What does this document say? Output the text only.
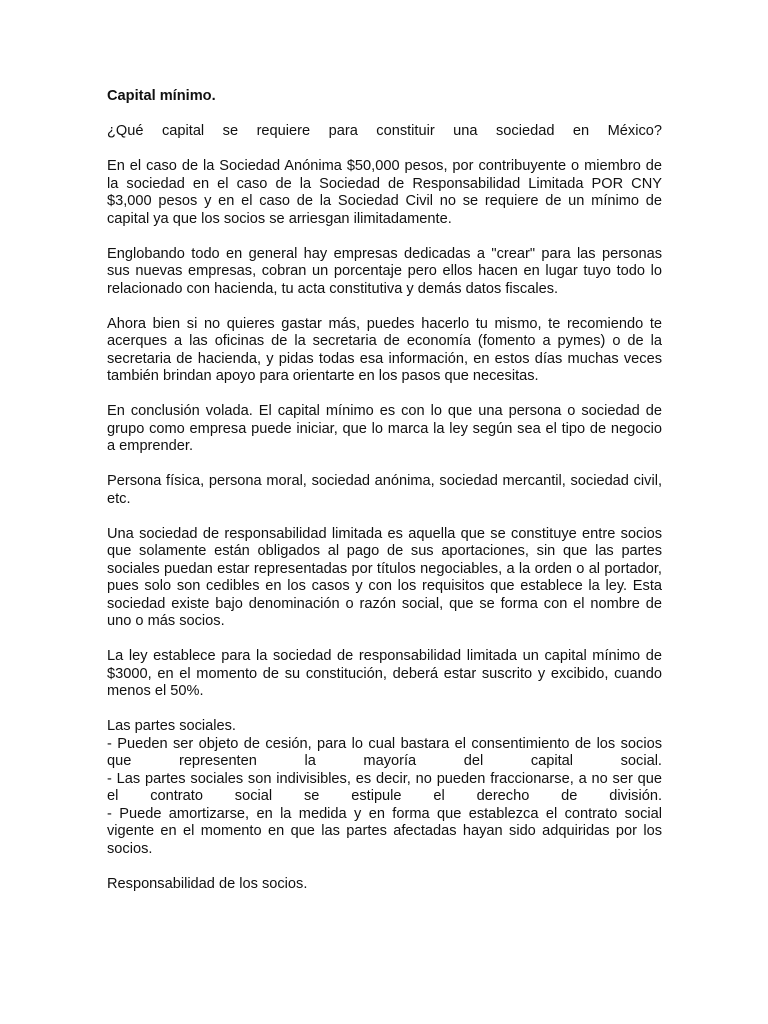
Capital mínimo.

¿Qué capital se requiere para constituir una sociedad en México?

En el caso de la Sociedad Anónima $50,000 pesos, por contribuyente o miembro de la sociedad en el caso de la Sociedad de Responsabilidad Limitada POR CNY $3,000 pesos y en el caso de la Sociedad Civil no se requiere de un mínimo de capital ya que los socios se arriesgan ilimitadamente.

Englobando todo en general hay empresas dedicadas a "crear" para las personas sus nuevas empresas, cobran un porcentaje pero ellos hacen en lugar tuyo todo lo relacionado con hacienda, tu acta constitutiva y demás datos fiscales.

Ahora bien si no quieres gastar más, puedes hacerlo tu mismo, te recomiendo te acerques a las oficinas de la secretaria de economía (fomento a pymes) o de la secretaria de hacienda, y pidas todas esa información, en estos días muchas veces también brindan apoyo para orientarte en los pasos que necesitas.

En conclusión volada. El capital mínimo es con lo que una persona o sociedad de grupo como empresa puede iniciar, que lo marca la ley según sea el tipo de negocio a emprender.

Persona física, persona moral, sociedad anónima, sociedad mercantil, sociedad civil, etc.

Una sociedad de responsabilidad limitada es aquella que se constituye entre socios que solamente están obligados al pago de sus aportaciones, sin que las partes sociales puedan estar representadas por títulos negociables, a la orden o al portador, pues solo son cedibles en los casos y con los requisitos que establece la ley. Esta sociedad existe bajo denominación o razón social, que se forma con el nombre de uno o más socios.

La ley establece para la sociedad de responsabilidad limitada un capital mínimo de $3000, en el momento de su constitución, deberá estar suscrito y excibido, cuando menos el 50%.

Las partes sociales.
- Pueden ser objeto de cesión, para lo cual bastara el consentimiento de los socios que representen la mayoría del capital social.
- Las partes sociales son indivisibles, es decir, no pueden fraccionarse, a no ser que el contrato social se estipule el derecho de división.
- Puede amortizarse, en la medida y en forma que establezca el contrato social vigente en el momento en que las partes afectadas hayan sido adquiridas por los socios.

Responsabilidad de los socios.
